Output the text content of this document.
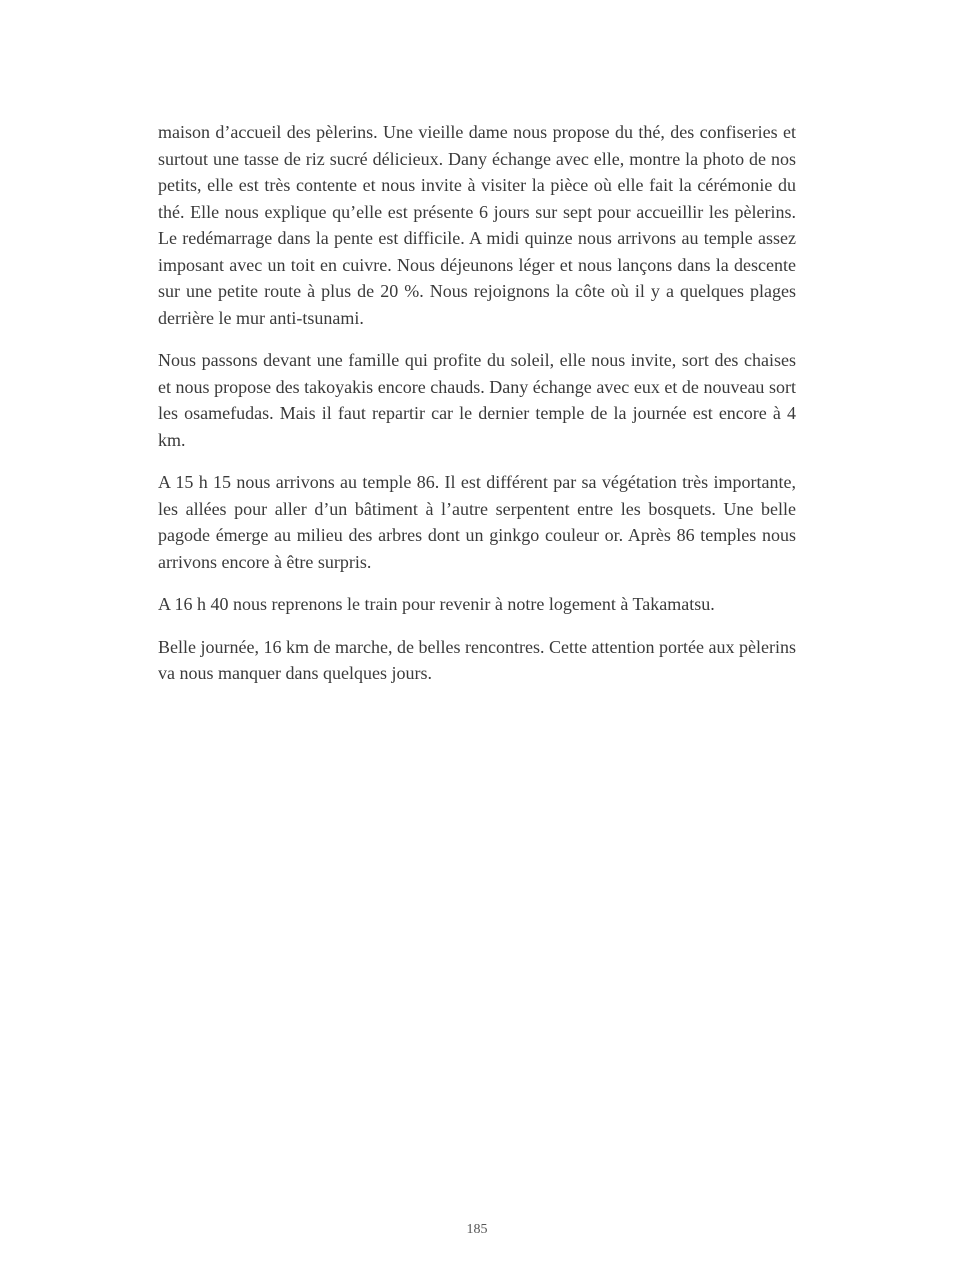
maison d’accueil des pèlerins. Une vieille dame nous propose du thé, des confiseries et surtout une tasse de riz sucré délicieux. Dany échange avec elle, montre la photo de nos petits, elle est très contente et nous invite à visiter la pièce où elle fait la cérémonie du thé. Elle nous explique qu’elle est présente 6 jours sur sept pour accueillir les pèlerins. Le redémarrage dans la pente est difficile. A midi quinze nous arrivons au temple assez imposant avec un toit en cuivre. Nous déjeunons léger et nous lançons dans la descente sur une petite route à plus de 20 %. Nous rejoignons la côte où il y a quelques plages derrière le mur anti-tsunami.

Nous passons devant une famille qui profite du soleil, elle nous invite, sort des chaises et nous propose des takoyakis encore chauds. Dany échange avec eux et de nouveau sort les osamefudas. Mais il faut repartir car le dernier temple de la journée est encore à 4 km.

A 15 h 15 nous arrivons au temple 86. Il est différent par sa végétation très importante, les allées pour aller d’un bâtiment à l’autre serpentent entre les bosquets. Une belle pagode émerge au milieu des arbres dont un ginkgo couleur or. Après 86 temples nous arrivons encore à être surpris.

A 16 h 40 nous reprenons le train pour revenir à notre logement à Takamatsu.

Belle journée, 16 km de marche, de belles rencontres. Cette attention portée aux pèlerins va nous manquer dans quelques jours.

185
